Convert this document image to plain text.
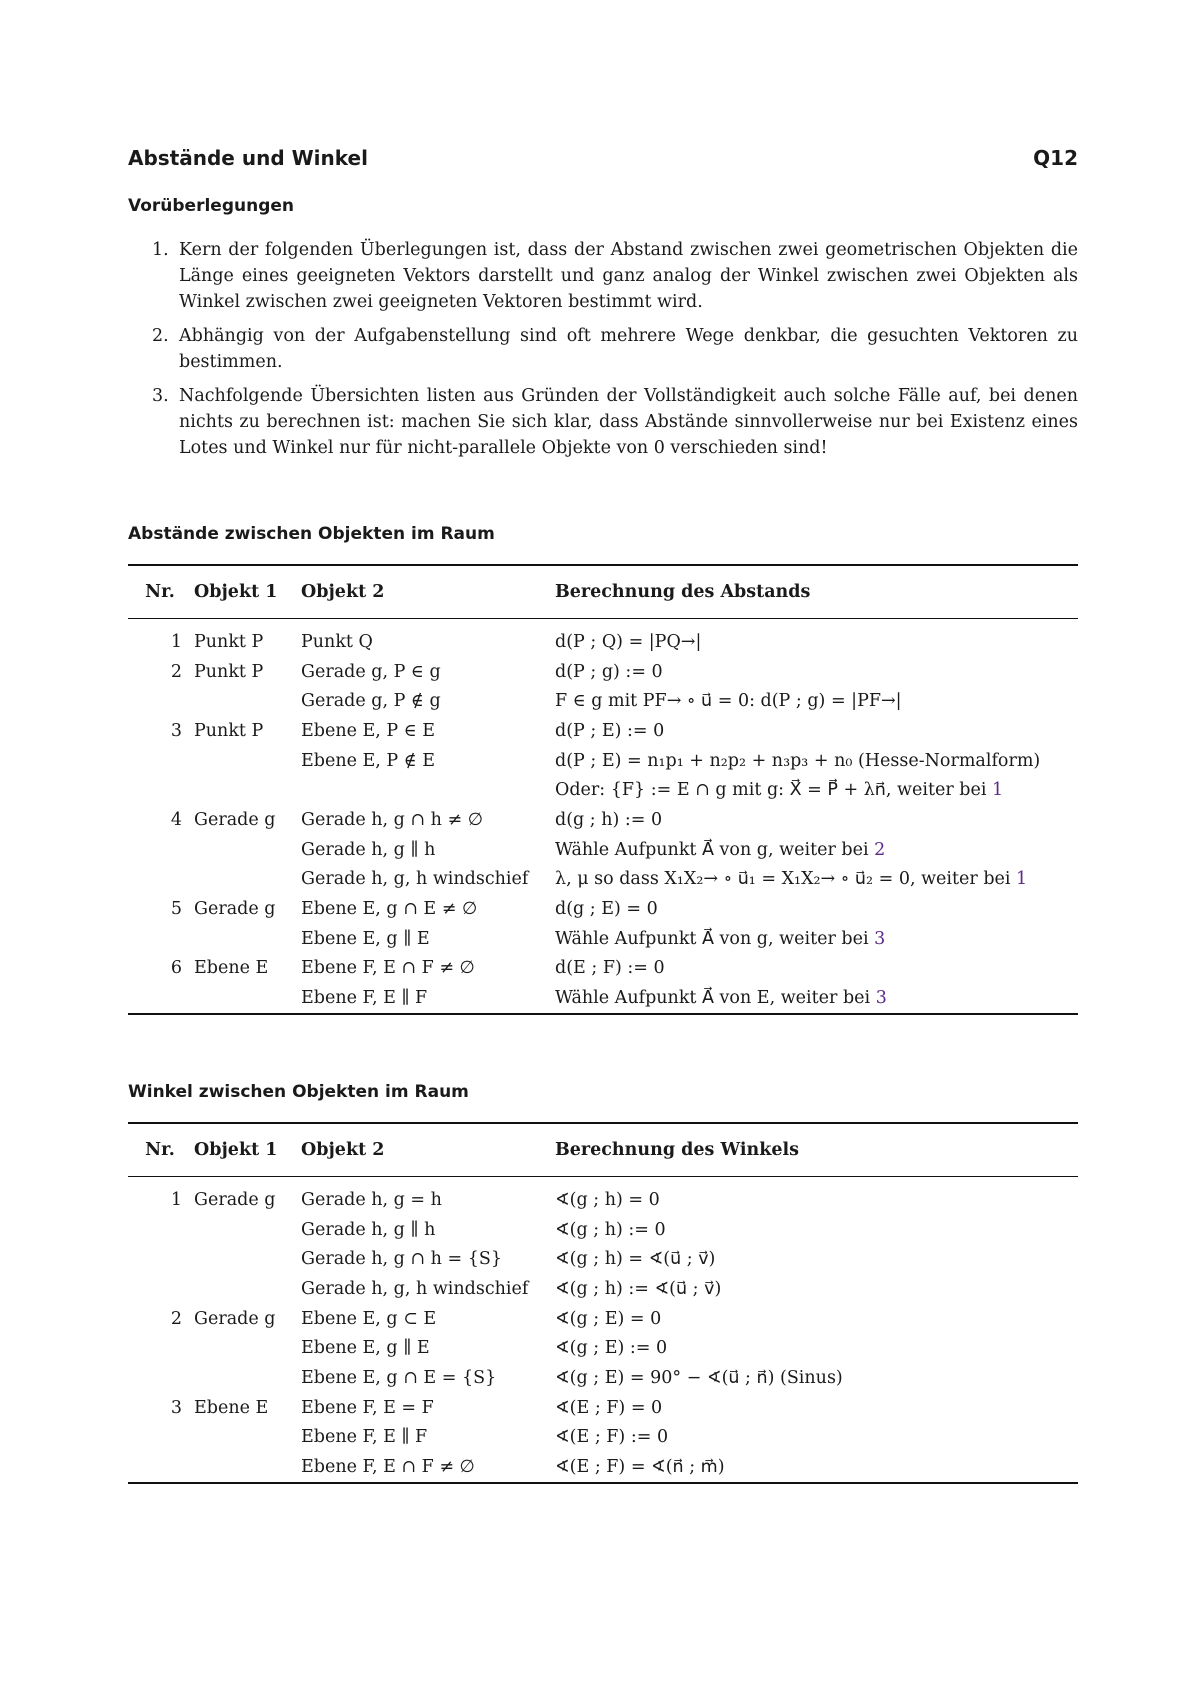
Abstände und Winkel	Q12
Vorüberlegungen
1. Kern der folgenden Überlegungen ist, dass der Abstand zwischen zwei geometrischen Objekten die Länge eines geeigneten Vektors darstellt und ganz analog der Winkel zwischen zwei Objekten als Winkel zwischen zwei geeigneten Vektoren bestimmt wird.
2. Abhängig von der Aufgabenstellung sind oft mehrere Wege denkbar, die gesuchten Vektoren zu bestimmen.
3. Nachfolgende Übersichten listen aus Gründen der Vollständigkeit auch solche Fälle auf, bei denen nichts zu berechnen ist: machen Sie sich klar, dass Abstände sinnvollerweise nur bei Existenz eines Lotes und Winkel nur für nicht-parallele Objekte von 0 verschieden sind!
Abstände zwischen Objekten im Raum
Nr.	Objekt 1	Objekt 2	Berechnung des Abstands
1	Punkt P	Punkt Q	d(P ; Q) = |PQ→|
2	Punkt P	Gerade g, P ∈ g	d(P ; g) := 0
		Gerade g, P ∉ g	F ∈ g mit PF→ ∘ u⃗ = 0: d(P ; g) = |PF→|
3	Punkt P	Ebene E, P ∈ E	d(P ; E) := 0
		Ebene E, P ∉ E	d(P ; E) = n₁p₁ + n₂p₂ + n₃p₃ + n₀ (Hesse-Normalform)
			Oder: {F} := E ∩ g mit g: X⃗ = P⃗ + λn⃗, weiter bei 1
4	Gerade g	Gerade h, g ∩ h ≠ ∅	d(g ; h) := 0
		Gerade h, g ∥ h	Wähle Aufpunkt A⃗ von g, weiter bei 2
		Gerade h, g, h windschief	λ, μ so dass X₁X₂→ ∘ u⃗₁ = X₁X₂→ ∘ u⃗₂ = 0, weiter bei 1
5	Gerade g	Ebene E, g ∩ E ≠ ∅	d(g ; E) = 0
		Ebene E, g ∥ E	Wähle Aufpunkt A⃗ von g, weiter bei 3
6	Ebene E	Ebene F, E ∩ F ≠ ∅	d(E ; F) := 0
		Ebene F, E ∥ F	Wähle Aufpunkt A⃗ von E, weiter bei 3
Winkel zwischen Objekten im Raum
Nr.	Objekt 1	Objekt 2	Berechnung des Winkels
1	Gerade g	Gerade h, g = h	∢(g ; h) = 0
		Gerade h, g ∥ h	∢(g ; h) := 0
		Gerade h, g ∩ h = {S}	∢(g ; h) = ∢(u⃗ ; v⃗)
		Gerade h, g, h windschief	∢(g ; h) := ∢(u⃗ ; v⃗)
2	Gerade g	Ebene E, g ⊂ E	∢(g ; E) = 0
		Ebene E, g ∥ E	∢(g ; E) := 0
		Ebene E, g ∩ E = {S}	∢(g ; E) = 90° − ∢(u⃗ ; n⃗) (Sinus)
3	Ebene E	Ebene F, E = F	∢(E ; F) = 0
		Ebene F, E ∥ F	∢(E ; F) := 0
		Ebene F, E ∩ F ≠ ∅	∢(E ; F) = ∢(n⃗ ; m⃗)
